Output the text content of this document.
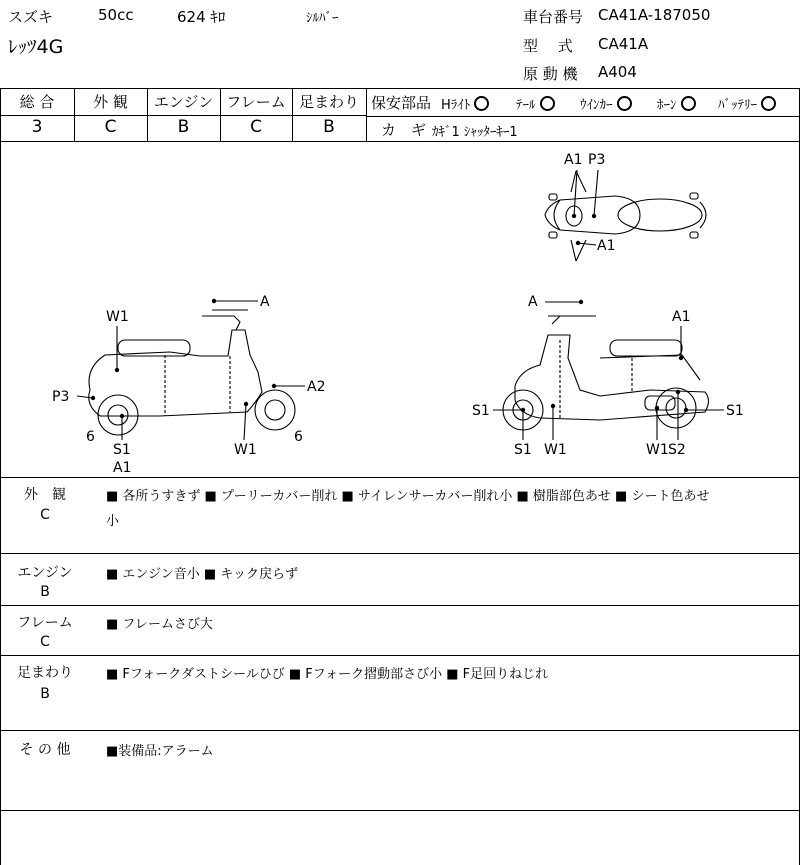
スズキ	50cc	624 ｷﾛ	ｼﾙﾊﾞｰ
ﾚｯﾂ4G
車台番号 CA41A-187050
型　 式 CA41A
原 動 機 A404
総 合	外 観	エンジン フレーム 足まわり
3	C	B	C	B
保安部品 Hﾗｲﾄ	ﾃｰﾙ	ｳｲﾝｶｰ	ﾎｰﾝ	ﾊﾞｯﾃﾘｰ
カ　ギ ｶｷﾞ1 ｼｬｯﾀｰｷｰ1
A1 P3
A1
A
W1
P3
A2
6
S1
A1
W1
6
A
A1
S1
S1 W1	W1 S2
S1
外　観
C
■ 各所うすきず ■ プーリーカバー削れ ■ サイレンサーカバー削れ小 ■ 樹脂部色あせ ■ シート色あせ
小
エンジン
B
■ エンジン音小 ■ キック戻らず
フレーム
C
■ フレームさび大
足まわり
B
■ Fフォークダストシールひび ■ Fフォーク摺動部さび小 ■ F足回りねじれ
そ の 他	■装備品:アラーム
